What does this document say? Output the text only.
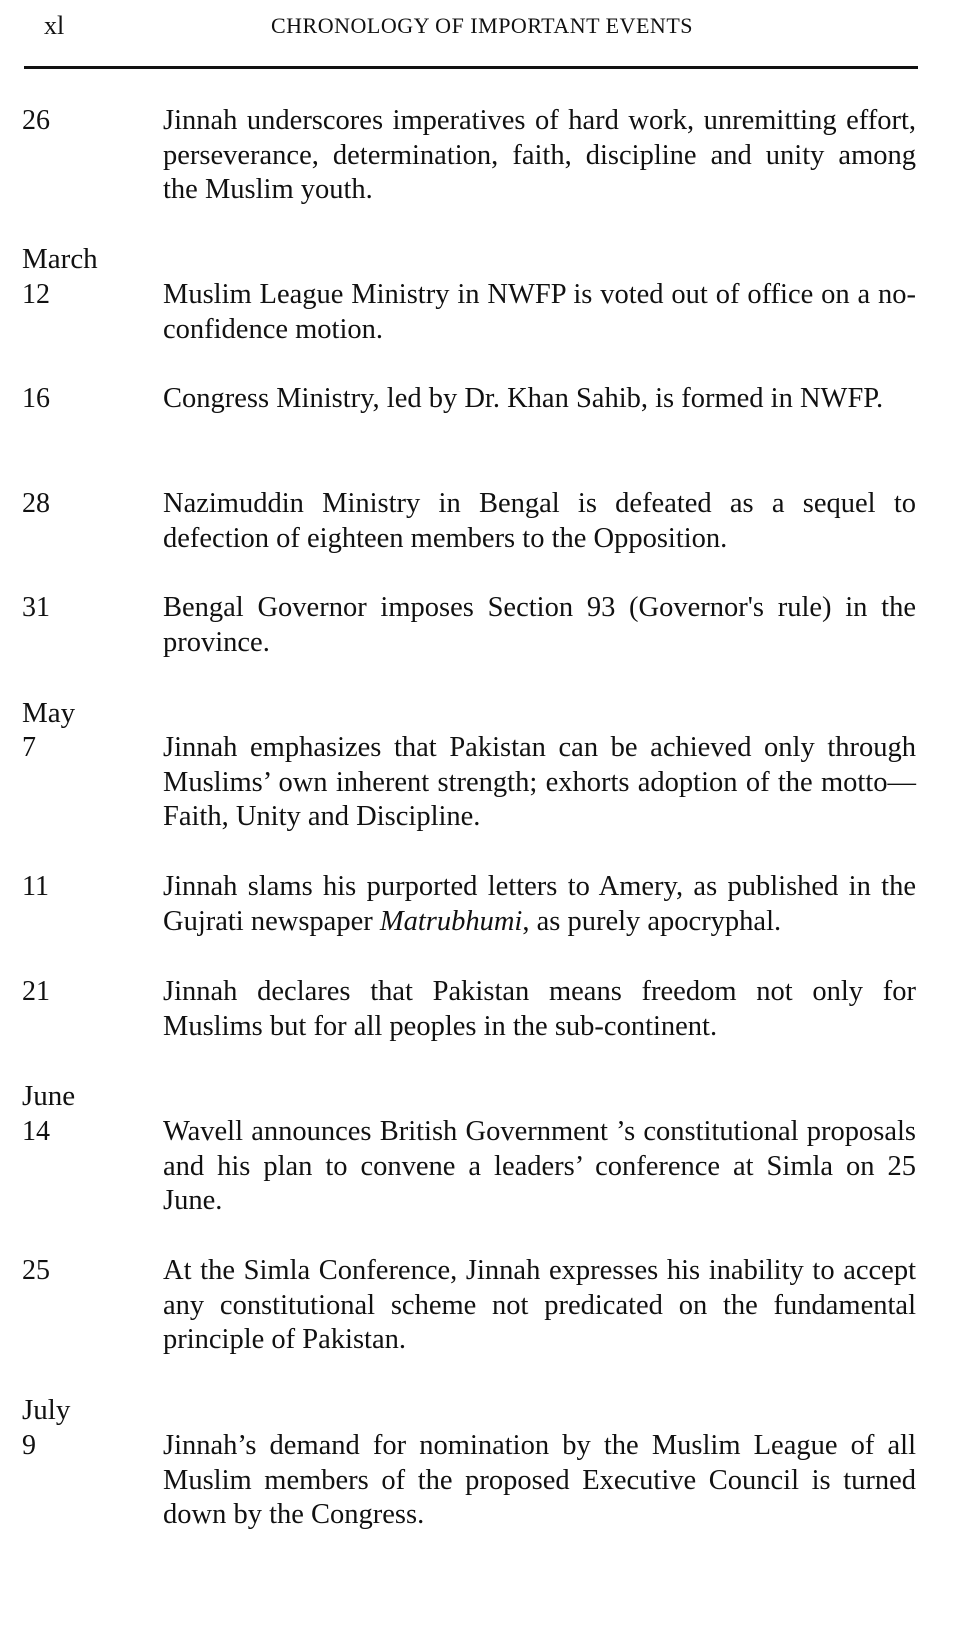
xl	CHRONOLOGY OF IMPORTANT EVENTS
26	Jinnah underscores imperatives of hard work, unremitting effort, perseverance, determination, faith, discipline and unity among the Muslim youth.
March
12	Muslim League Ministry in NWFP is voted out of office on a no-confidence motion.
16	Congress Ministry, led by Dr. Khan Sahib, is formed in NWFP.
28	Nazimuddin Ministry in Bengal is defeated as a sequel to defection of eighteen members to the Opposition.
31	Bengal Governor imposes Section 93 (Governor's rule) in the province.
May
7	Jinnah emphasizes that Pakistan can be achieved only through Muslims’ own inherent strength; exhorts adoption of the motto—Faith, Unity and Discipline.
11	Jinnah slams his purported letters to Amery, as published in the Gujrati newspaper Matrubhumi, as purely apocryphal.
21	Jinnah declares that Pakistan means freedom not only for Muslims but for all peoples in the sub-continent.
June
14	Wavell announces British Government ’s constitutional proposals and his plan to convene a leaders’ conference at Simla on 25 June.
25	At the Simla Conference, Jinnah expresses his inability to accept any constitutional scheme not predicated on the fundamental principle of Pakistan.
July
9	Jinnah’s demand for nomination by the Muslim League of all Muslim members of the proposed Executive Council is turned down by the Congress.
